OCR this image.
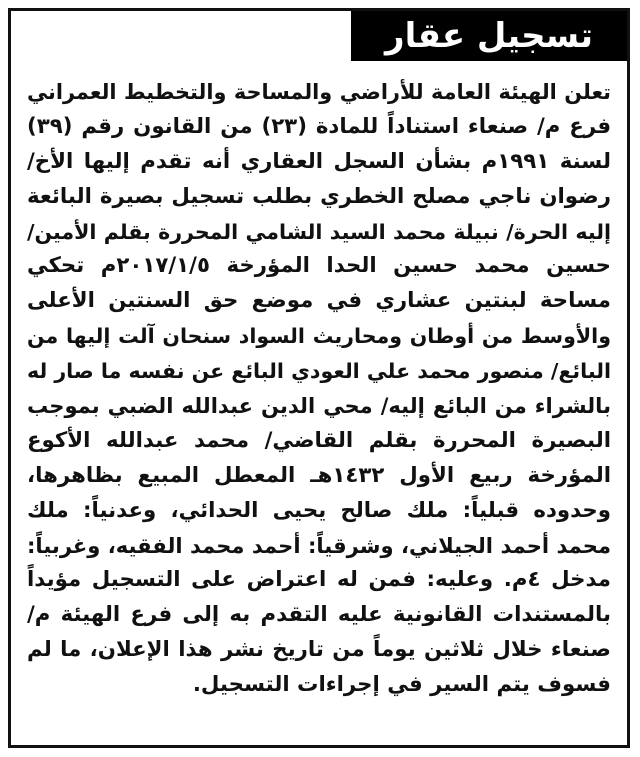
تسجيل عقار
تعلن الهيئة العامة للأراضي والمساحة والتخطيط العمراني
فرع م/ صنعاء استناداً للمادة (٢٣) من القانون رقم (٣٩)
لسنة ١٩٩١م بشأن السجل العقاري أنه تقدم إليها الأخ/
رضوان ناجي مصلح الخطري بطلب تسجيل بصيرة البائعة
إليه الحرة/ نبيلة محمد السيد الشامي المحررة بقلم الأمين/
حسين محمد حسين الحدا المؤرخة ٢٠١٧/١/٥م تحكي
مساحة لبنتين عشاري في موضع حق السنتين الأعلى
والأوسط من أوطان ومحاريث السواد سنحان آلت إليها من
البائع/ منصور محمد علي العودي البائع عن نفسه ما صار له
بالشراء من البائع إليه/ محي الدين عبدالله الضبي بموجب
البصيرة المحررة بقلم القاضي/ محمد عبدالله الأكوع
المؤرخة ربيع الأول ١٤٣٢هـ المعطل المبيع بظاهرها،
وحدوده قبلياً: ملك صالح يحيى الحدائي، وعدنياً: ملك
محمد أحمد الجيلاني، وشرقياً: أحمد محمد الفقيه، وغربياً:
مدخل ٤م. وعليه: فمن له اعتراض على التسجيل مؤيداً
بالمستندات القانونية عليه التقدم به إلى فرع الهيئة م/
صنعاء خلال ثلاثين يوماً من تاريخ نشر هذا الإعلان، ما لم
فسوف يتم السير في إجراءات التسجيل.
